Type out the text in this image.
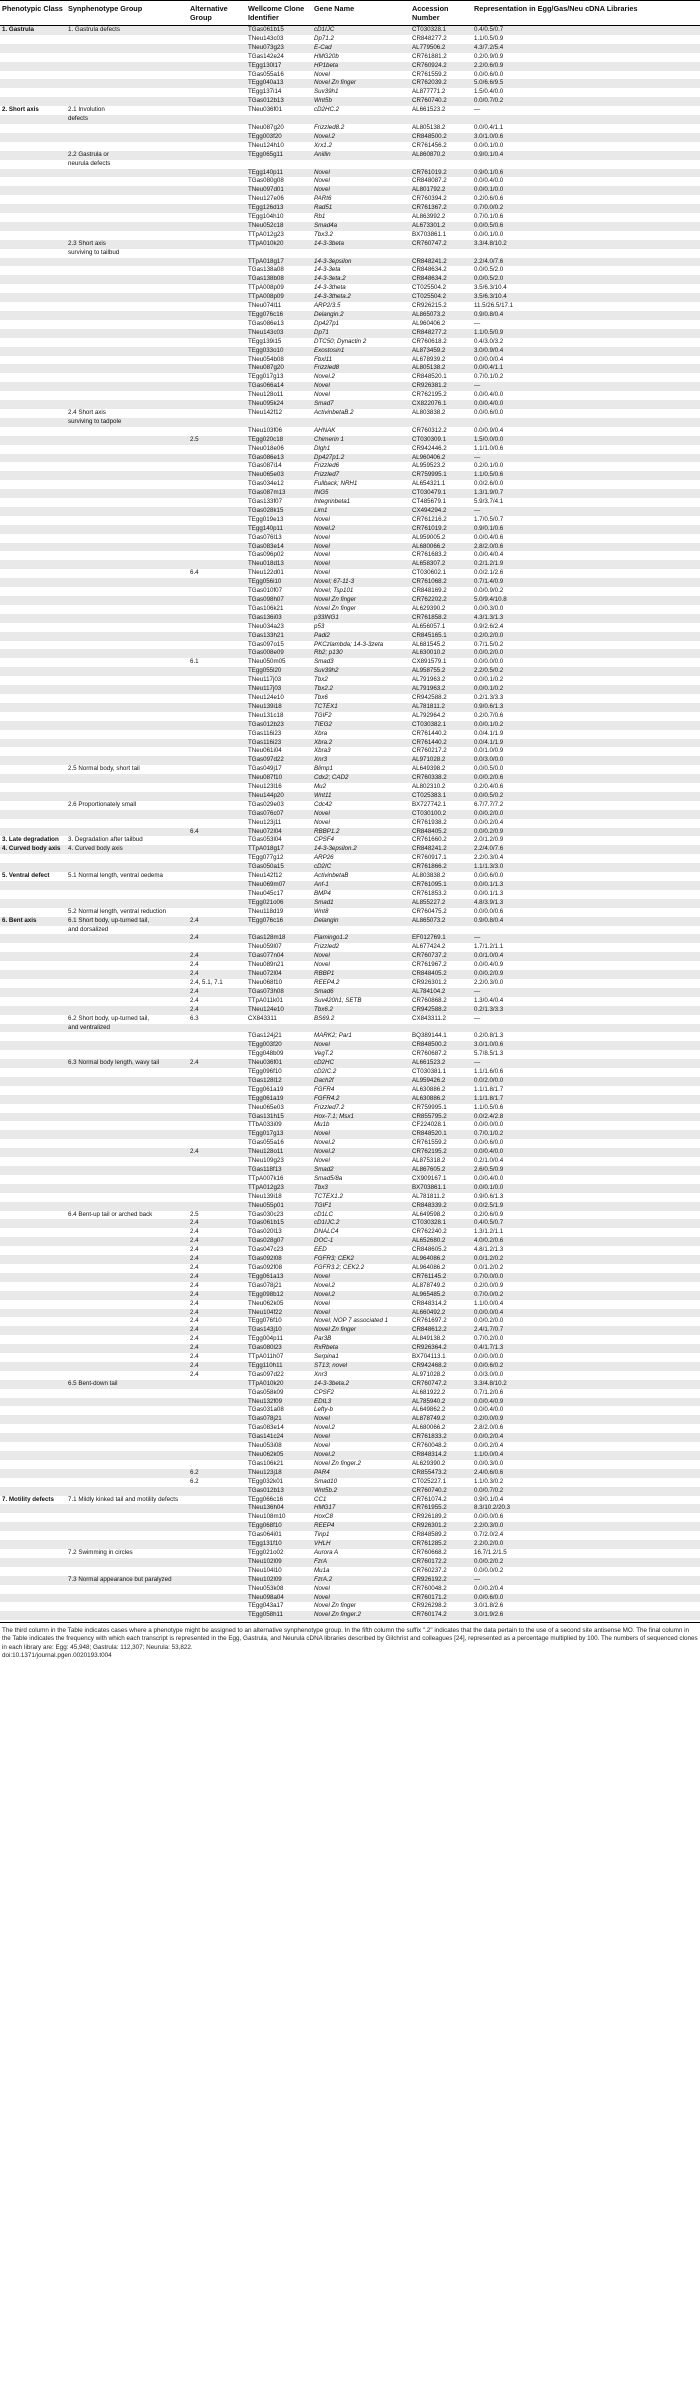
Phenotypic Class	Synphenotype Group	Alternative Group	Wellcome Clone Identifier	Gene Name	Accession Number	Representation in Egg/Gas/Neu cDNA Libraries
1. Gastrula	1. Gastrula defects		TGas061b15	cD1IJC	CT030328.1	0.4/0.5/0.7
			TNeu143c03	Dp71.2	CR848277.2	1.1/0.5/0.9
			TNeu073g23	E-Cad	AL779506.2	4.3/7.2/5.4
			TGas142e24	HMG20b	CR761881.2	0.2/0.9/0.9
			TEgg130l17	HP1beta	CR760924.2	2.2/0.6/0.9
			TGas055a16	Novel	CR761559.2	0.0/0.6/0.0
			TEgg040a13	Novel Zn finger	CR762039.2	5.0/6.6/9.5
			TEgg137i14	Suv39h1	AL877771.2	1.5/0.4/0.0
			TGas012b13	Wnt5b	CR760740.2	0.0/0.7/0.2
2. Short axis	2.1 Involution		TNeu036f01	cD2HC.2	AL661523.2	—
	defects					
			TNeu087g20	Frizzled8.2	AL805138.2	0.0/0.4/1.1
			TEgg003f20	Novel.2	CR848500.2	3.0/1.0/0.6
			TNeu124h10	Xrx1.2	CR761456.2	0.0/0.1/0.0
	2.2 Gastrula or		TEgg065g11	Anillin	AL860870.2	0.9/0.1/0.4
	neurula defects					
			TEgg140p11	Novel	CR761019.2	0.9/0.1/0.6
			TGas080g08	Novel	CR848087.2	0.0/0.4/0.0
			TNeu097d01	Novel	AL801792.2	0.0/0.1/0.0
			TNeu127e06	PARt6	CR760394.2	0.2/0.6/0.6
			TEgg126d13	Rad51	CR761367.2	0.7/0.0/0.2
			TEgg104h10	Rb1	AL863992.2	0.7/0.1/0.6
			TNeu052c18	Smad4a	AL673301.2	0.0/0.5/0.6
			TTpA012g23	Tbx3.2	BX703861.1	0.0/0.1/0.0
	2.3 Short axis		TTpA010k20	14-3-3beta	CR760747.2	3.3/4.8/10.2
	surviving to tailbud					
			TTpA018g17	14-3-3epsilon	CR848241.2	2.2/4.0/7.6
			TGas138a08	14-3-3eta	CR848634.2	0.0/0.5/2.0
			TGas138b08	14-3-3eta.2	CR848634.2	0.0/0.5/2.0
			TTpA008p09	14-3-3theta	CT025504.2	3.5/6.3/10.4
			TTpA008p09	14-3-3theta.2	CT025504.2	3.5/6.3/10.4
			TNeu074l11	ARP2/3.5	CR926215.2	11.5/26.5/17.1
			TEgg076c16	Delangin.2	AL865073.2	0.9/0.8/0.4
			TGas086e13	Dp427p1	AL960406.2	—
			TNeu143c03	Dp71	CR848277.2	1.1/0.5/0.9
			TEgg139i15	DTC50; Dynactin 2	CR760618.2	0.4/3.0/3.2
			TEgg033o10	Exostosin1	AL873459.2	3.0/0.9/0.4
			TNeu054b08	Fbxl11	AL678939.2	0.0/0.0/0.4
			TNeu087g20	Frizzled8	AL805138.2	0.0/0.4/1.1
			TEgg017g13	Novel.2	CR848520.1	0.7/0.1/0.2
			TGas066a14	Novel	CR926381.2	—
			TNeu128o11	Novel	CR762195.2	0.0/0.4/0.0
			TNeu095k24	Smad7	CX822076.1	0.0/0.4/0.0
	2.4 Short axis		TNeu142f12	ActivinbetaB.2	AL803838.2	0.0/0.6/0.0
	surviving to tadpole					
			TNeu103f06	AHNAK	CR760312.2	0.0/0.9/0.4
		2.5	TEgg020c18	Chimerin 1	CT030309.1	1.5/0.0/0.0
			TNeu018e06	Dlgh1	CR942446.2	1.1/1.0/0.6
			TGas086e13	Dp427p1.2	AL960406.2	—
			TGas087i14	Frizzled6	AL959523.2	0.2/0.1/0.0
			TNeu065e03	Frizzled7	CR759995.1	1.1/0.5/0.6
			TGas034e12	Fullback; NRH1	AL654321.1	0.0/2.6/0.0
			TGas087m13	ING5	CT030479.1	1.3/1.9/0.7
			TGas133f07	Integrinbeta1	CT485679.1	5.9/3.7/4.1
			TGas028k15	Lim1	CX494294.2	—
			TEgg019e13	Novel	CR761216.2	1.7/0.5/0.7
			TEgg140p11	Novel.2	CR761019.2	0.9/0.1/0.6
			TGas076l13	Novel	AL959005.2	0.0/0.4/0.6
			TGas083e14	Novel	AL680066.2	2.8/2.0/0.6
			TGas096p02	Novel	CR761683.2	0.0/0.4/0.4
			TNeu018d13	Novel	AL658307.2	0.2/1.2/1.9
		6.4	TNeu122d01	Novel	CT030602.1	0.0/2.1/2.6
			TEgg056i10	Novel; 67-11-3	CR761068.2	0.7/1.4/0.9
			TGas010f07	Novel; Tsp101	CR848169.2	0.0/0.9/0.2
			TGas098h07	Novel Zn finger	CR762202.2	5.0/9.4/10.8
			TGas106k21	Novel Zn finger	AL629390.2	0.0/0.3/0.0
			TGas136i03	p33ING1	CR761858.2	4.3/1.3/1.3
			TNeu034a23	p53	AL656057.1	0.9/2.6/2.4
			TGas133h21	Padi2	CR845165.1	0.2/0.2/0.0
			TGas097o15	PKCzlambda; 14-3-3zeta	AL681545.2	0.7/1.5/0.2
			TGas008e09	Rb2; p130	AL630010.2	0.0/0.2/0.0
		6.1	TNeu050m05	Smad3	CX891579.1	0.0/0.0/0.0
			TEgg055l20	Suv39h2	AL958755.2	2.2/0.5/0.2
			TNeu117j03	Tbx2	AL791963.2	0.0/0.1/0.2
			TNeu117j03	Tbx2.2	AL791963.2	0.0/0.1/0.2
			TNeu124e10	Tbx6	CR942588.2	0.2/1.3/3.3
			TNeu139i18	TCTEX1	AL781811.2	0.9/0.6/1.3
			TNeu131c18	TGIF2	AL792964.2	0.2/0.7/0.6
			TGas012b23	TIEG2	CT030382.1	0.0/0.1/0.2
			TGas116i23	Xbra	CR761440.2	0.0/4.1/1.9
			TGas116i23	Xbra.2	CR761440.2	0.0/4.1/1.9
			TNeu061i04	Xbra3	CR760217.2	0.0/1.0/0.9
			TGas097d22	Xnr3	AL971028.2	0.0/3.0/0.0
	2.5 Normal body, short tail		TGas049j17	Blimp1	AL649398.2	0.0/0.5/0.0
			TNeu087f10	Cdx2; CAD2	CR760338.2	0.0/0.2/0.6
			TNeu123l16	Mu2	AL802310.2	0.2/0.4/0.6
			TNeu144p20	Wnt11	CT025383.1	0.0/0.5/0.2
	2.6 Proportionately small		TGas029e03	Cdc42	BX727742.1	6.7/7.7/7.2
			TGas076c07	Novel	CT030100.2	0.0/0.2/0.0
			TNeu123j11	Novel	CR761938.2	0.0/0.2/0.4
		6.4	TNeu072l04	RBBP1.2	CR848405.2	0.0/0.2/0.9
3. Late degradation	3. Degradation after tailbud		TGas053l04	CPSF4	CR761660.2	2.0/1.2/0.9
4. Curved body axis	4. Curved body axis		TTpA018g17	14-3-3epsilon.2	CR848241.2	2.2/4.0/7.6
			TEgg077g12	ARP26	CR760917.1	2.2/0.3/0.4
			TGas050a15	cD2IC	CR761866.2	1.1/1.3/3.0
5. Ventral defect	5.1 Normal length, ventral oedema		TNeu142f12	ActivinbetaB	AL803838.2	0.0/0.6/0.0
			TNeu069m07	Anf-1	CR761095.1	0.0/0.1/1.3
			TNeu045c17	BMP4	CR761853.2	0.0/0.1/1.3
			TEgg021o06	Smad1	AL855227.2	4.8/3.9/1.3
	5.2 Normal length, ventral reduction		TNeu118d19	Wnt8	CR760475.2	0.0/0.0/0.6
6. Bent axis	6.1 Short body, up-turned tail,	2.4	TEgg076c16	Delangin	AL865073.2	0.9/0.8/0.4
	and dorsalized					
		2.4	TGas128m18	Flamingo1.2	EF012769.1	—
			TNeu059l07	Frizzled2	AL677424.2	1.7/1.2/1.1
		2.4	TGas077n04	Novel	CR760737.2	0.0/1.0/0.4
		2.4	TNeu089n21	Novel	CR761967.2	0.0/0.4/0.9
		2.4	TNeu072l04	RBBP1	CR848405.2	0.0/0.2/0.9
		2.4, 5.1, 7.1	TNeu068f10	REEP4.2	CR926301.2	2.2/0.3/0.0
		2.4	TGas073h08	Smad6	AL784104.2	—
		2.4	TTpA011k01	Suv420h1; SETB	CR760868.2	1.3/0.4/0.4
		2.4	TNeu124e10	Tbx6.2	CR942588.2	0.2/1.3/3.3
	6.2 Short body, up-turned tail,	6.3	CX843311	BS69.2	CX843311.2	—
	and ventralized					
			TGas124j21	MARK2; Par1	BQ389144.1	0.2/0.8/1.3
			TEgg003f20	Novel	CR848500.2	3.0/1.0/0.6
			TEgg048b09	VegT.2	CR760687.2	5.7/8.5/1.3
	6.3 Normal body length, wavy tail	2.4	TNeu036f01	cD2HC	AL661523.2	—
			TEgg096f10	cD2IC.2	CT030381.1	1.1/1.6/0.6
			TGas128l12	Dach2f	AL959426.2	0.0/2.0/0.0
			TEgg061a19	FGFR4	AL630886.2	1.1/1.8/1.7
			TEgg061a19	FGFR4.2	AL630886.2	1.1/1.8/1.7
			TNeu065e03	Frizzled7.2	CR759995.1	1.1/0.5/0.6
			TGas131h15	Hox-7.1; Msx1	CR855795.2	0.0/2.4/2.8
			TTbA033i09	Mu1b	CF224028.1	0.0/0.0/0.0
			TEgg017g13	Novel	CR848520.1	0.7/0.1/0.2
			TGas055a16	Novel.2	CR761559.2	0.0/0.6/0.0
		2.4	TNeu128o11	Novel.2	CR762195.2	0.0/0.4/0.0
			TNeu109g23	Novel	AL875318.2	0.2/1.0/0.4
			TGas118f13	Smad2	AL867605.2	2.6/0.5/0.9
			TTpA007k16	Smad5/8a	CX909167.1	0.0/0.4/0.0
			TTpA012g23	Tbx3	BX703861.1	0.0/0.1/0.0
			TNeu139i18	TCTEX1.2	AL781811.2	0.9/0.6/1.3
			TNeu055p01	TGIF1	CR848339.2	0.0/2.5/1.9
	6.4 Bent-up tail or arched back	2.5	TGas030c23	cD1LC	AL649598.2	0.2/0.6/0.9
		2.4	TGas061b15	cD1IJC.2	CT030328.1	0.4/0.5/0.7
		2.4	TGas020l13	DNALC4	CR762240.2	1.3/1.2/1.1
		2.4	TGas028g07	DOC-1	AL652680.2	4.0/0.2/0.6
		2.4	TGas047c23	EED	CR848605.2	4.8/1.2/1.3
		2.4	TGas092l08	FGFR3; CEK2	AL964086.2	0.0/1.2/0.2
		2.4	TGas092f08	FGFR3.2; CEK2.2	AL964086.2	0.0/1.2/0.2
		2.4	TEgg061a13	Novel	CR761145.2	0.7/0.0/0.0
		2.4	TGas078j21	Novel.2	AL878749.2	0.2/0.0/0.9
		2.4	TEgg098b12	Novel.2	AL965485.2	0.7/0.0/0.2
		2.4	TNeu062k05	Novel	CR848314.2	1.1/0.0/0.4
		2.4	TNeu104f22	Novel	AL660492.2	0.0/0.0/0.4
		2.4	TEgg076f10	Novel; NOP 7 associated 1	CR761697.2	0.0/0.2/0.0
		2.4	TGas143j10	Novel Zn finger	CR848612.2	2.4/1.7/0.7
		2.4	TEgg004p11	Par3B	AL849138.2	0.7/0.2/0.0
		2.4	TGas080l23	RxRbeta	CR926364.2	0.4/1.7/1.3
		2.4	TTpA011h07	Serpina1	BX704113.1	0.0/0.0/0.0
		2.4	TEgg110h11	ST13; novel	CR942468.2	0.0/0.6/0.2
		2.4	TGas097d22	Xnr3	AL971028.2	0.0/3.0/0.0
	6.5 Bent-down tail		TTpA010k20	14-3-3beta.2	CR760747.2	3.3/4.8/10.2
			TGas058k09	CPSF2	AL681922.2	0.7/1.2/0.6
			TNeu132f09	EDIL3	AL785940.2	0.0/0.4/0.9
			TGas031a08	Lefty-b	AL649862.2	0.0/0.4/0.0
			TGas078j21	Novel	AL878749.2	0.2/0.0/0.9
			TGas083e14	Novel.2	AL680066.2	2.8/2.0/0.6
			TGas141c24	Novel	CR761833.2	0.0/0.2/0.4
			TNeu053i08	Novel	CR760048.2	0.0/0.2/0.4
			TNeu062k05	Novel.2	CR848314.2	1.1/0.0/0.4
			TGas106k21	Novel Zn finger.2	AL629390.2	0.0/0.3/0.0
		6.2	TNeu123j18	PAR4	CR855473.2	2.4/0.6/0.6
		6.2	TEgg032k01	Smad10	CT025227.1	1.1/0.3/0.2
			TGas012b13	Wnt5b.2	CR760740.2	0.0/0.7/0.2
7. Motility defects	7.1 Mildly kinked tail and motility defects		TEgg066c16	CC1	CR761074.2	0.9/0.1/0.4
			TNeu136h04	HMG17	CR761955.2	8.3/10.2/20.3
			TNeu108m10	HoxC8	CR926189.2	0.0/0.0/0.6
			TEgg068f10	REEP4	CR926301.2	2.2/0.3/0.0
			TGas064i01	Tinp1	CR848589.2	0.7/2.0/2.4
			TEgg131f10	VHLH	CR761285.2	2.2/0.2/0.0
	7.2 Swimming in circles		TEgg021o02	Aurora A	CR760668.2	16.7/1.2/1.5
			TNeu102l09	FzrA	CR760172.2	0.0/0.2/0.2
			TNeu104l10	Mu1a	CR760237.2	0.0/0.0/0.2
	7.3 Normal appearance but paralyzed		TNeu102l09	FzrA.2	CR926192.2	—
			TNeu053k08	Novel	CR760048.2	0.0/0.2/0.4
			TNeu098a04	Novel	CR760171.2	0.0/0.6/0.0
			TEgg043a17	Novel Zn finger	CR926298.2	3.0/1.8/2.6
			TEgg058h11	Novel Zn finger.2	CR760174.2	3.0/1.9/2.6
The third column in the Table indicates cases where a phenotype might be assigned to an alternative synphenotype group. In the fifth column the suffix ".2" indicates that the data pertain to the use of a second site antisense MO. The final column in the Table indicates the frequency with which each transcript is represented in the Egg, Gastrula, and Neurula cDNA libraries described by Gilchrist and colleagues [24], represented as a percentage multiplied by 100. The numbers of sequenced clones in each library are: Egg: 45,948; Gastrula: 112,307; Neurula: 53,822.
doi:10.1371/journal.pgen.0020193.t004
